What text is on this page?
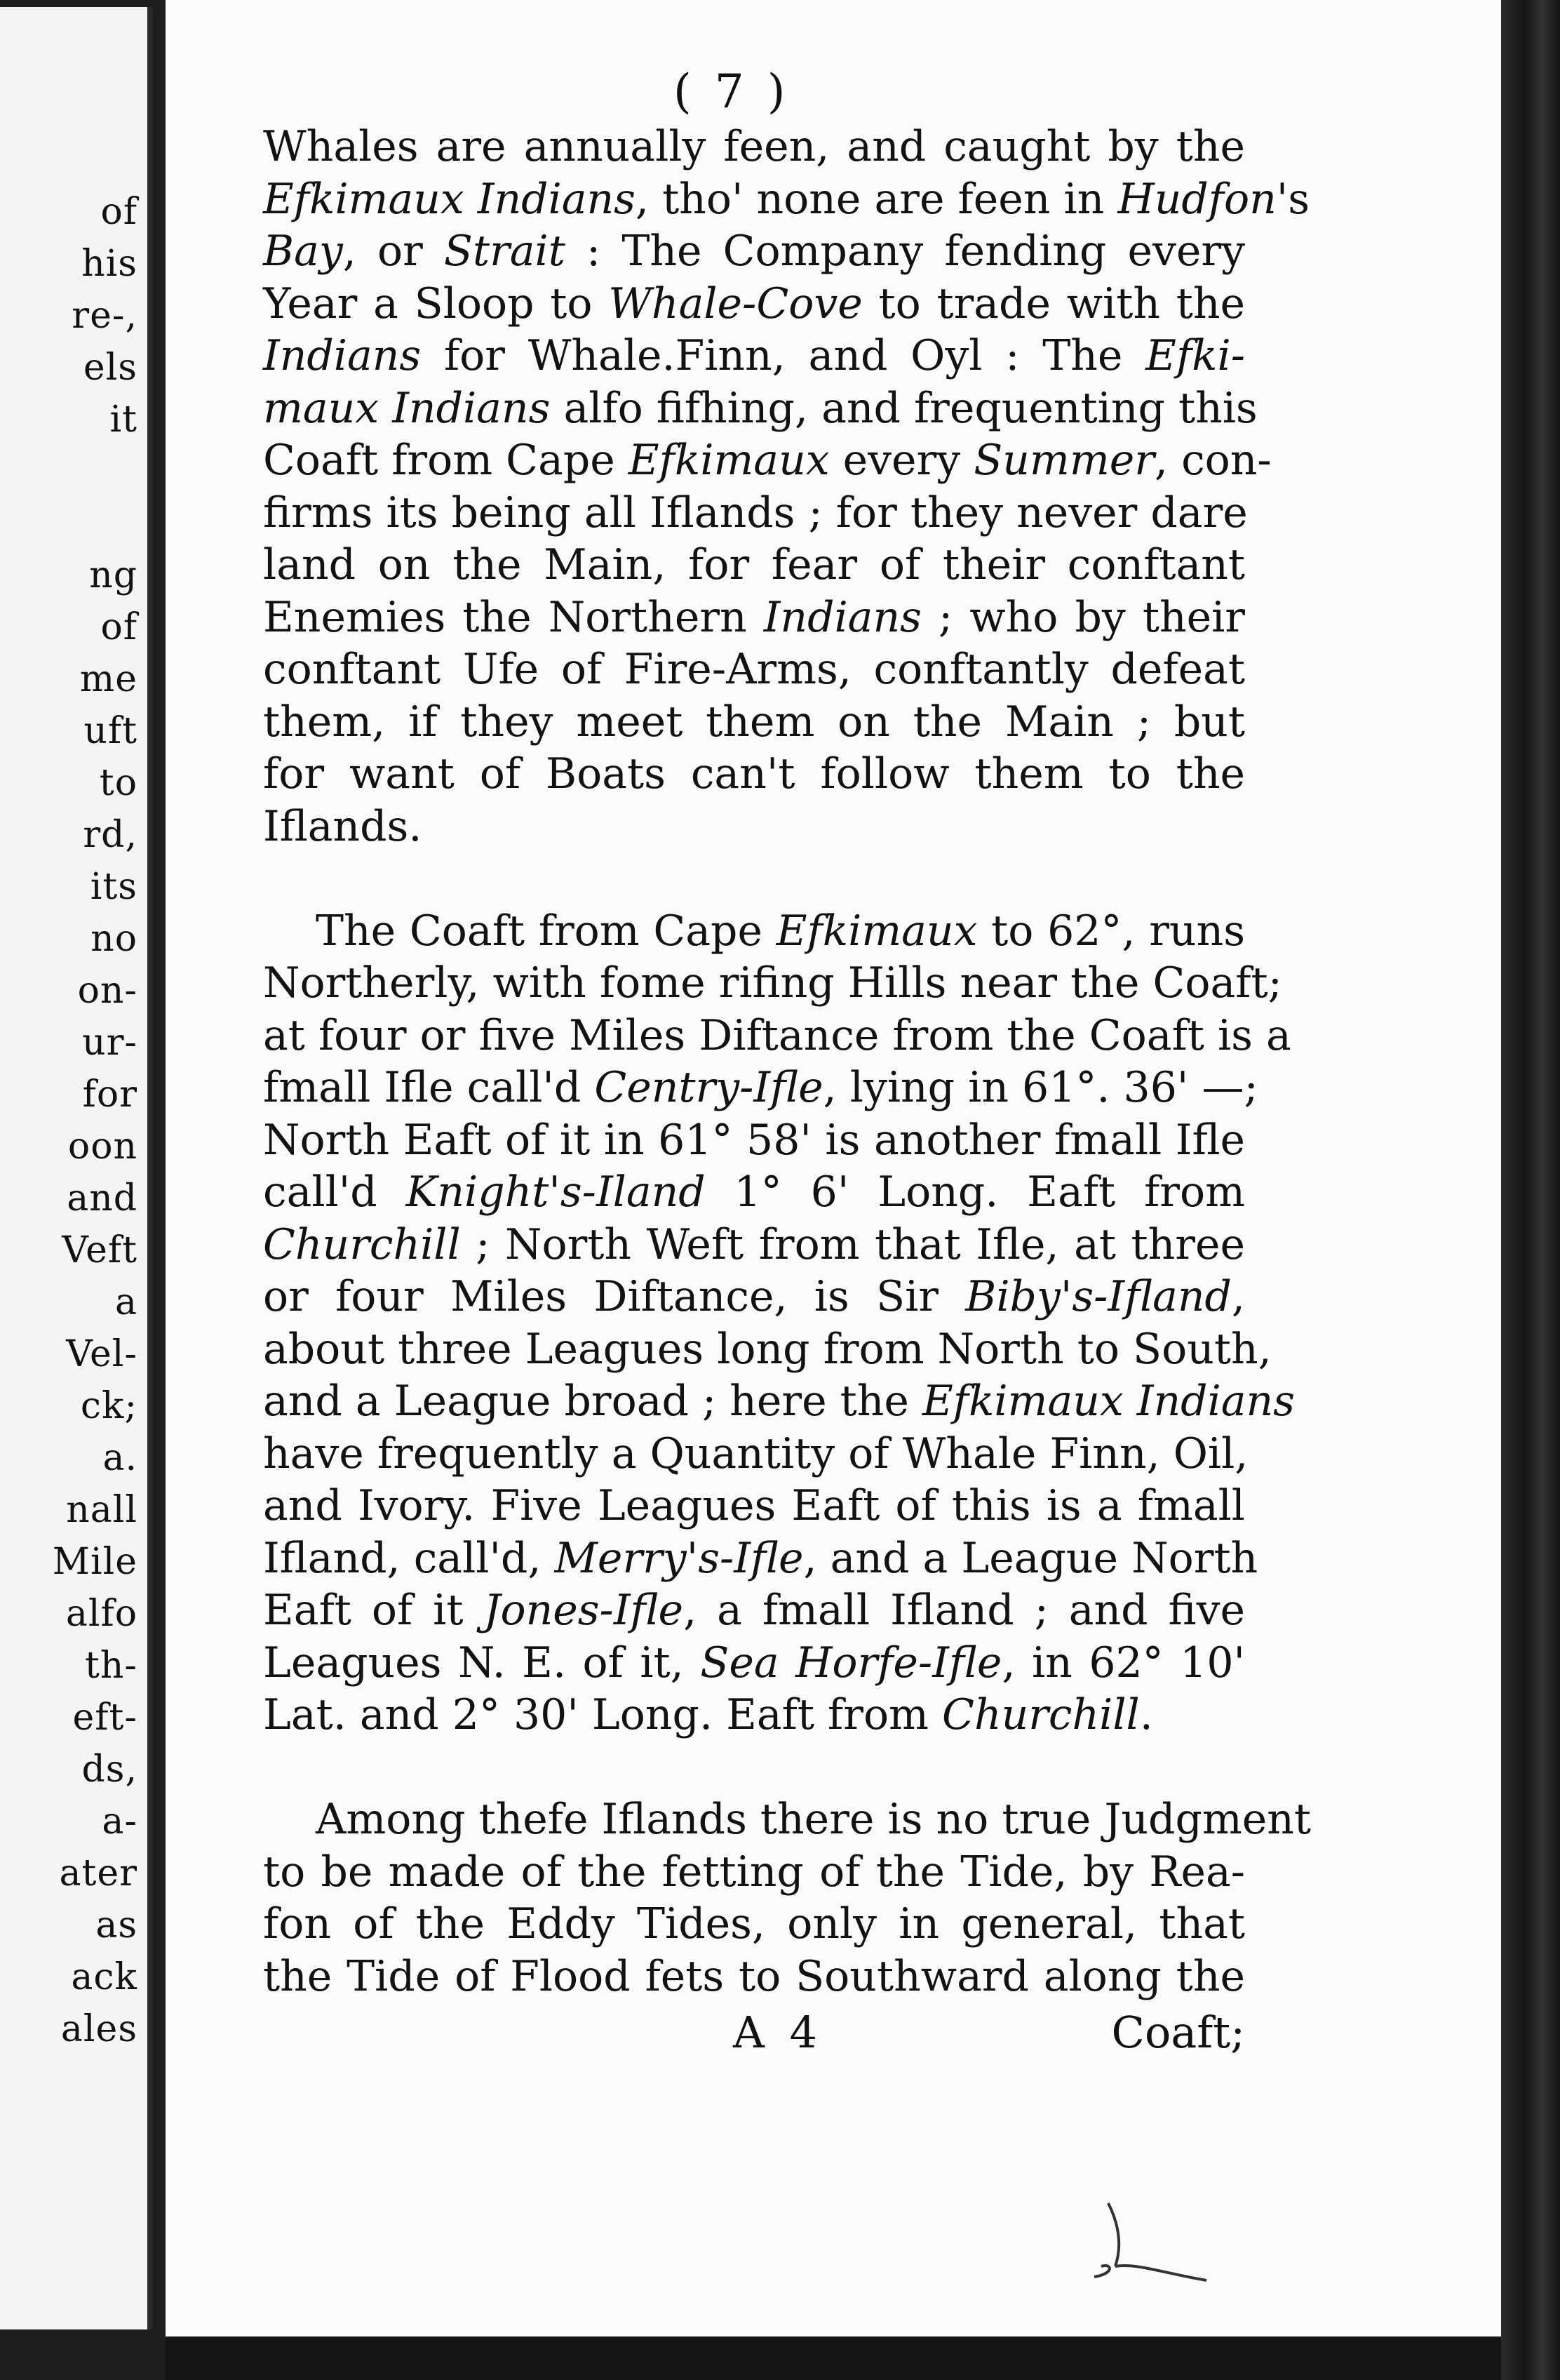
of
his
re-,
els
it
ng
of
me
uft
to
rd,
its
no
on-
ur-
for
oon
and
Veft
a
Vel-
ck;
a.
nall
Mile
alfo
th-
eft-
ds,
a-
ater
as
ack
ales
( 7 )
Whales are annually feen, and caught by the
Efkimaux Indians, tho' none are feen in Hudfon's
Bay, or Strait : The Company fending every
Year a Sloop to Whale-Cove to trade with the
Indians for Whale.Finn, and Oyl : The Efki-
maux Indians alfo fifhing, and frequenting this
Coaft from Cape Efkimaux every Summer, con-
firms its being all Iflands ; for they never dare
land on the Main, for fear of their conftant
Enemies the Northern Indians ; who by their
conftant Ufe of Fire-Arms, conftantly defeat
them, if they meet them on the Main ; but
for want of Boats can't follow them to the
Iflands.
The Coaft from Cape Efkimaux to 62°, runs
Northerly, with fome rifing Hills near the Coaft;
at four or five Miles Diftance from the Coaft is a
fmall Ifle call'd Centry-Ifle, lying in 61°. 36' —;
North Eaft of it in 61° 58' is another fmall Ifle
call'd Knight's-Iland 1° 6' Long. Eaft from
Churchill ; North Weft from that Ifle, at three
or four Miles Diftance, is Sir Biby's-Ifland,
about three Leagues long from North to South,
and a League broad ; here the Efkimaux Indians
have frequently a Quantity of Whale Finn, Oil,
and Ivory. Five Leagues Eaft of this is a fmall
Ifland, call'd, Merry's-Ifle, and a League North
Eaft of it Jones-Ifle, a fmall Ifland ; and five
Leagues N. E. of it, Sea Horfe-Ifle, in 62° 10'
Lat. and 2° 30' Long. Eaft from Churchill.
Among thefe Iflands there is no true Judgment
to be made of the fetting of the Tide, by Rea-
fon of the Eddy Tides, only in general, that
the Tide of Flood fets to Southward along the
A 4	Coaft;
